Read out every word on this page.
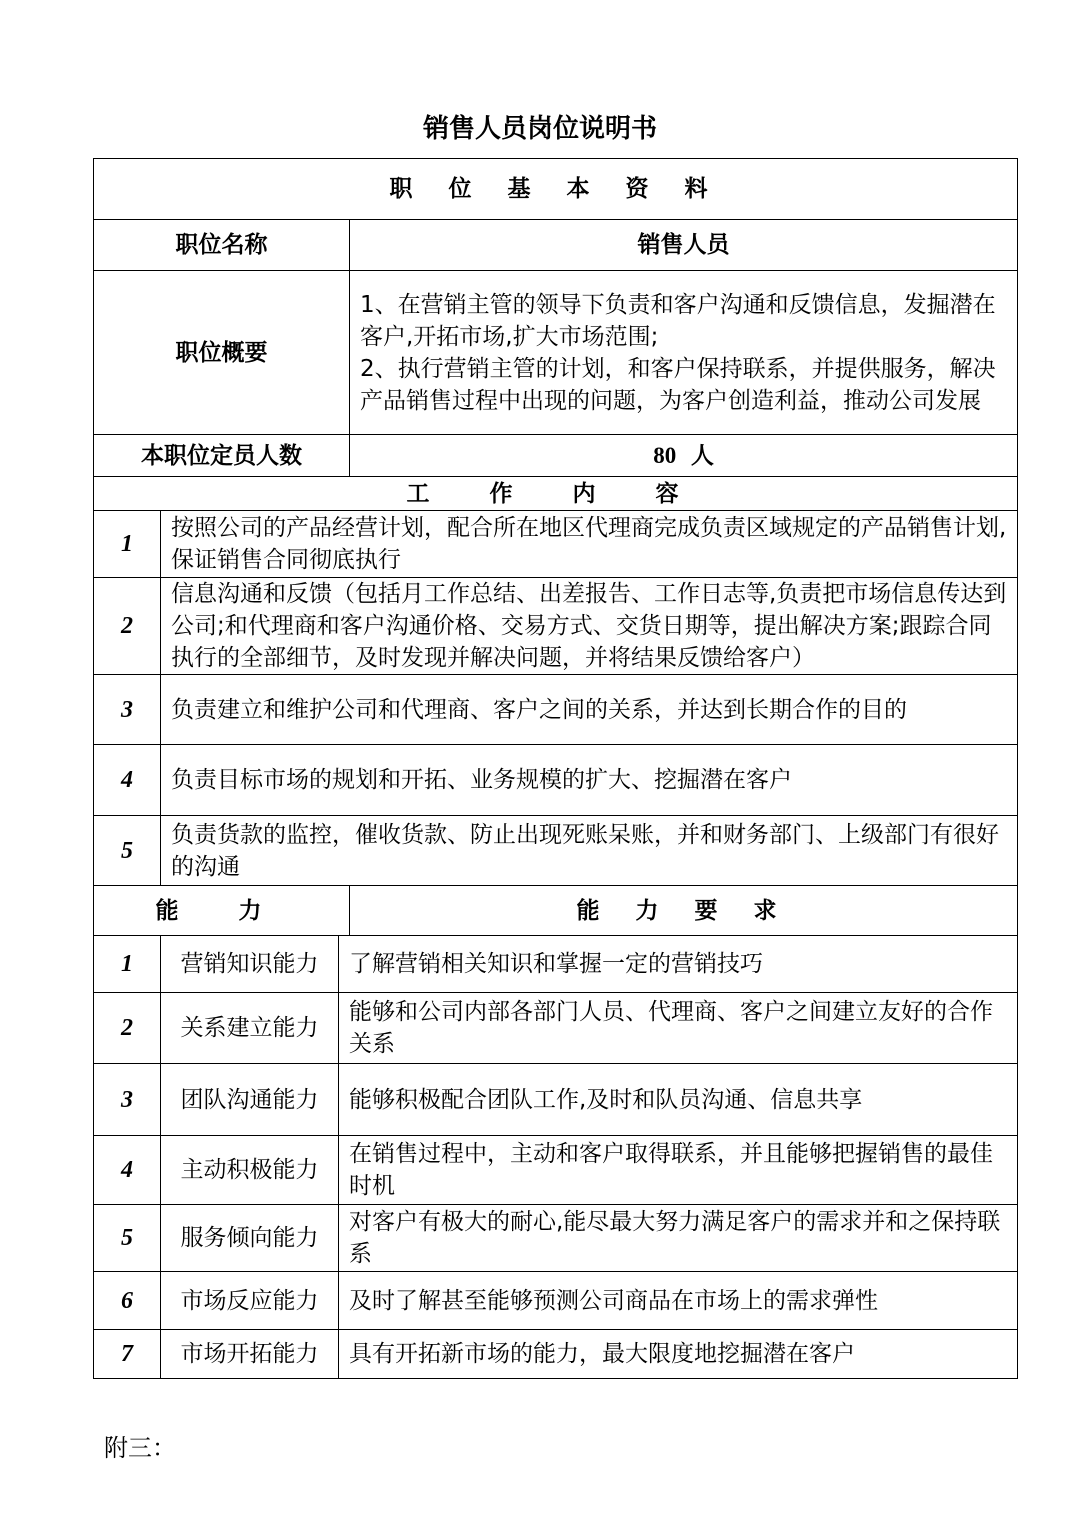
销售人员岗位说明书
职 位 基 本 资 料			
职位名称			销售人员
职位概要			1、在营销主管的领导下负责和客户沟通和反馈信息，发掘潜在客户,开拓市场,扩大市场范围;
2、执行营销主管的计划，和客户保持联系，并提供服务，解决产品销售过程中出现的问题，为客户创造利益，推动公司发展

本职位定员人数			80 人
工 作 内 容			
1	按照公司的产品经营计划，配合所在地区代理商完成负责区域规定的产品销售计划,保证销售合同彻底执行		
2	信息沟通和反馈（包括月工作总结、出差报告、工作日志等,负责把市场信息传达到公司;和代理商和客户沟通价格、交易方式、交货日期等，提出解决方案;跟踪合同执行的全部细节，及时发现并解决问题，并将结果反馈给客户）		
3	负责建立和维护公司和代理商、客户之间的关系，并达到长期合作的目的		
4	负责目标市场的规划和开拓、业务规模的扩大、挖掘潜在客户		
5	负责货款的监控，催收货款、防止出现死账呆账，并和财务部门、上级部门有很好的沟通		
能 力			能 力 要 求
1	营销知识能力	了解营销相关知识和掌握一定的营销技巧	
2	关系建立能力	能够和公司内部各部门人员、代理商、客户之间建立友好的合作关系	
3	团队沟通能力	能够积极配合团队工作,及时和队员沟通、信息共享	
4	主动积极能力	在销售过程中，主动和客户取得联系，并且能够把握销售的最佳时机	
5	服务倾向能力	对客户有极大的耐心,能尽最大努力满足客户的需求并和之保持联系	
6	市场反应能力	及时了解甚至能够预测公司商品在市场上的需求弹性	
7	市场开拓能力	具有开拓新市场的能力，最大限度地挖掘潜在客户	
附三：
